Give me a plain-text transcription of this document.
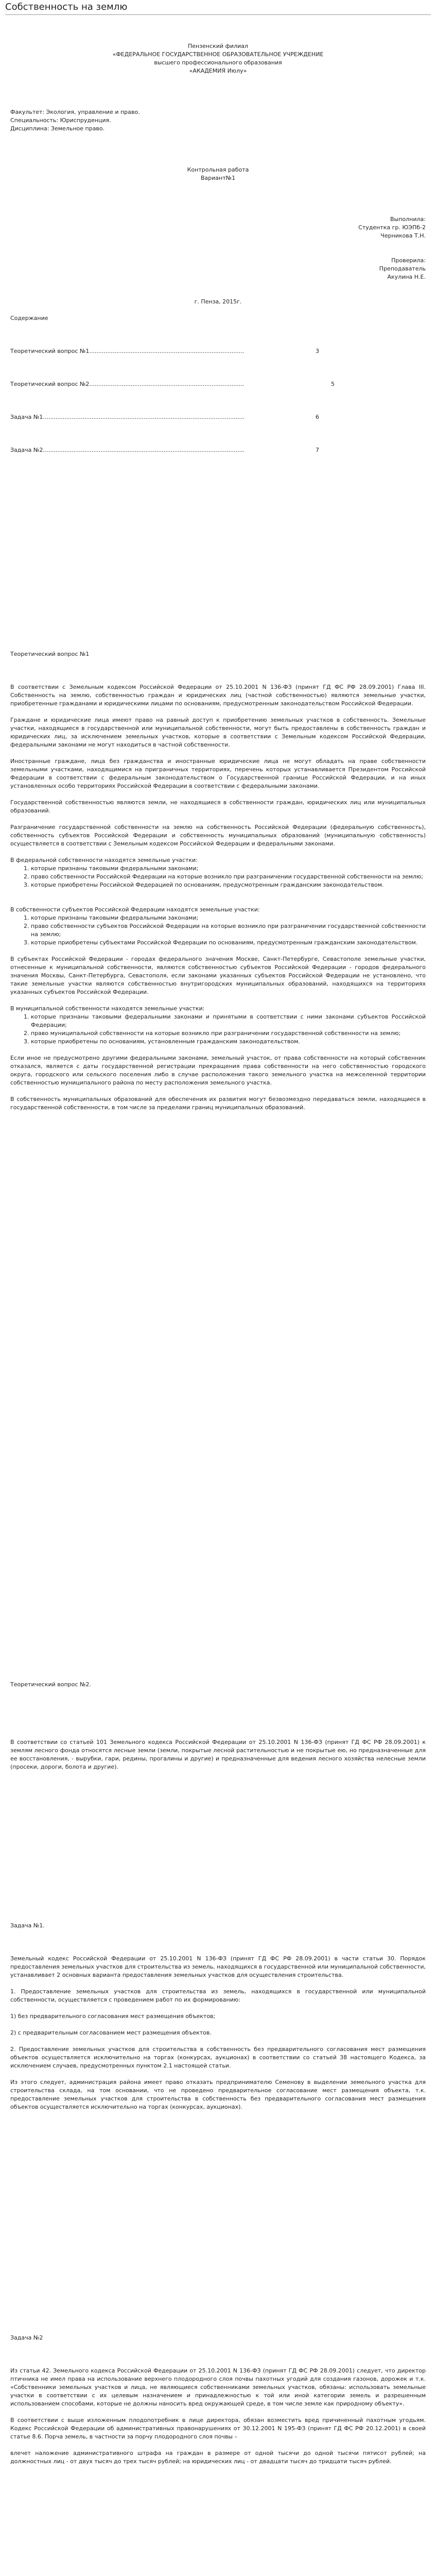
Собственность на землю

Пензенский филиал

«ФЕДЕРАЛЬНОЕ ГОСУДАРСТВЕННОЕ ОБРАЗОВАТЕЛЬНОЕ УЧРЕЖДЕНИЕ

высшего профессионального образования

«АКАДЕМИЯ Июлу»

Факультет: Экология, управление и право.

Специальность: Юриспруденция.

Дисциплина: Земельное право.

Контрольная работа

Вариант№1

Выполнила:

Студентка гр. ЮЭПб-2

Черникова Т.Н.

Проверила:

Преподаватель

Акулина Н.Е.

г. Пенза, 2015г.

Содержание

Теоретический вопрос №1 ......................................................................................	3
Теоретический вопрос №2 ......................................................................................	5
Задача №1 ................................................................................................................	6
Задача №2 ................................................................................................................	7

Теоретический вопрос №1

В соответствии с Земельным кодексом Российской Федерации от 25.10.2001 N 136-ФЗ (принят ГД ФС РФ 28.09.2001) Глава III. Собственность на землю, собственностью граждан и юридических лиц (частной собственностью) являются земельные участки, приобретенные гражданами и юридическими лицами по основаниям, предусмотренным законодательством Российской Федерации.

Граждане и юридические лица имеют право на равный доступ к приобретению земельных участков в собственность. Земельные участки, находящиеся в государственной или муниципальной собственности, могут быть предоставлены в собственность граждан и юридических лиц, за исключением земельных участков, которые в соответствии с Земельным кодексом Российской Федерации, федеральными законами не могут находиться в частной собственности.

Иностранные граждане, лица без гражданства и иностранные юридические лица не могут обладать на праве собственности земельными участками, находящимися на приграничных территориях, перечень которых устанавливается Президентом Российской Федерации в соответствии с федеральным законодательством о Государственной границе Российской Федерации, и на иных установленных особо территориях Российской Федерации в соответствии с федеральными законами.

Государственной собственностью являются земли, не находящиеся в собственности граждан, юридических лиц или муниципальных образований.

Разграничение государственной собственности на землю на собственность Российской Федерации (федеральную собственность), собственность субъектов Российской Федерации и собственность муниципальных образований (муниципальную собственность) осуществляется в соответствии с Земельным кодексом Российской Федерации и федеральными законами.

В федеральной собственности находятся земельные участки:

1. которые признаны таковыми федеральными законами;
2. право собственности Российской Федерации на которые возникло при разграничении государственной собственности на землю;
3. которые приобретены Российской Федерацией по основаниям, предусмотренным гражданским законодательством.

В собственности субъектов Российской Федерации находятся земельные участки:

1. которые признаны таковыми федеральными законами;
2. право собственности субъектов Российской Федерации на которые возникло при разграничении государственной собственности на землю;
3. которые приобретены субъектами Российской Федерации по основаниям, предусмотренным гражданским законодательством.

В субъектах Российской Федерации - городах федерального значения Москве, Санкт-Петербурге, Севастополе земельные участки, отнесенные к муниципальной собственности, являются собственностью субъектов Российской Федерации - городов федерального значения Москвы, Санкт-Петербурга, Севастополя, если законами указанных субъектов Российской Федерации не установлено, что такие земельные участки являются собственностью внутригородских муниципальных образований, находящихся на территориях указанных субъектов Российской Федерации.

В муниципальной собственности находятся земельные участки:

1. которые признаны таковыми федеральными законами и принятыми в соответствии с ними законами субъектов Российской Федерации;
2. право муниципальной собственности на которые возникло при разграничении государственной собственности на землю;
3. которые приобретены по основаниям, установленным гражданским законодательством.

Если иное не предусмотрено другими федеральными законами, земельный участок, от права собственности на который собственник отказался, является с даты государственной регистрации прекращения права собственности на него собственностью городского округа, городского или сельского поселения либо в случае расположения такого земельного участка на межселенной территории собственностью муниципального района по месту расположения земельного участка.

В собственность муниципальных образований для обеспечения их развития могут безвозмездно передаваться земли, находящиеся в государственной собственности, в том числе за пределами границ муниципальных образований.

Теоретический вопрос №2.

В соответствии со статьей 101 Земельного кодекса Российской Федерации от 25.10.2001 N 136-ФЗ (принят ГД ФС РФ 28.09.2001) к землям лесного фонда относятся лесные земли (земли, покрытые лесной растительностью и не покрытые ею, но предназначенные для ее восстановления, - вырубки, гари, редины, прогалины и другие) и предназначенные для ведения лесного хозяйства нелесные земли (просеки, дороги, болота и другие).

Задача №1.

Земельный кодекс Российской Федерации от 25.10.2001 N 136-ФЗ (принят ГД ФС РФ 28.09.2001) в части статьи 30. Порядок предоставления земельных участков для строительства из земель, находящихся в государственной или муниципальной собственности, устанавливает 2 основных варианта предоставления земельных участков для осуществления строительства.

1. Предоставление земельных участков для строительства из земель, находящихся в государственной или муниципальной собственности, осуществляется с проведением работ по их формированию:

1) без предварительного согласования мест размещения объектов;

2) с предварительным согласованием мест размещения объектов.

2. Предоставление земельных участков для строительства в собственность без предварительного согласования мест размещения объектов осуществляется исключительно на торгах (конкурсах, аукционах) в соответствии со статьей 38 настоящего Кодекса, за исключением случаев, предусмотренных пунктом 2.1 настоящей статьи.

Из этого следует, администрация района имеет право отказать предпринимателю Семенову в выделении земельного участка для строительства склада, на том основании, что не проведено предварительное согласование мест размещения объекта, т.к. предоставление земельных участков для строительства в собственность без предварительного согласования мест размещения объектов осуществляется исключительно на торгах (конкурсах, аукционах).

Задача №2

Из статьи 42. Земельного кодекса Российской Федерации от 25.10.2001 N 136-ФЗ (принят ГД ФС РФ 28.09.2001) следует, что директор птичника не имел права на использование верхнего плодородного слоя почвы пахотных угодий для создания газонов, дорожек и т.к. «Собственники земельных участков и лица, не являющиеся собственниками земельных участков, обязаны: использовать земельные участки в соответствии с их целевым назначением и принадлежностью к той или иной категории земель и разрешенным использованием способами, которые не должны наносить вред окружающей среде, в том числе земле как природному объекту».

В соответствии с выше изложенным плодопотребник в лице директора, обязан возместить вред причиненный пахотным угодьям. Кодекс Российской Федерации об административных правонарушениях от 30.12.2001 N 195-ФЗ (принят ГД ФС РФ 20.12.2001) в своей статье 8.6. Порча земель, в частности за порчу плодородного слоя почвы –

влечет наложение административного штрафа на граждан в размере от одной тысячи до одной тысячи пятисот рублей; на должностных лиц - от двух тысяч до трех тысяч рублей; на юридических лиц - от двадцати тысяч до тридцати тысяч рублей.
